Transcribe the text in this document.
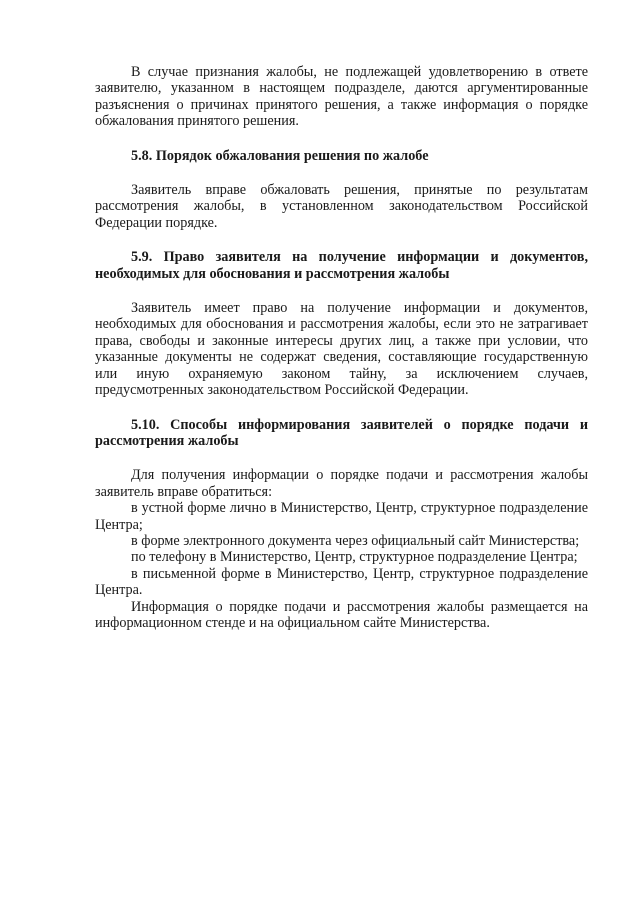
В случае признания жалобы, не подлежащей удовлетворению в ответе заявителю, указанном в настоящем подразделе, даются аргументированные разъяснения о причинах принятого решения, а также информация о порядке обжалования принятого решения.

5.8. Порядок обжалования решения по жалобе

Заявитель вправе обжаловать решения, принятые по результатам рассмотрения жалобы, в установленном законодательством Российской Федерации порядке.

5.9. Право заявителя на получение информации и документов, необходимых для обоснования и рассмотрения жалобы

Заявитель имеет право на получение информации и документов, необходимых для обоснования и рассмотрения жалобы, если это не затрагивает права, свободы и законные интересы других лиц, а также при условии, что указанные документы не содержат сведения, составляющие государственную или иную охраняемую законом тайну, за исключением случаев, предусмотренных законодательством Российской Федерации.

5.10. Способы информирования заявителей о порядке подачи и рассмотрения жалобы

Для получения информации о порядке подачи и рассмотрения жалобы заявитель вправе обратиться:

в устной форме лично в Министерство, Центр, структурное подразделение Центра;

в форме электронного документа через официальный сайт Министерства;

по телефону в Министерство, Центр, структурное подразделение Центра;

в письменной форме в Министерство, Центр, структурное подразделение Центра.

Информация о порядке подачи и рассмотрения жалобы размещается на информационном стенде и на официальном сайте Министерства.
